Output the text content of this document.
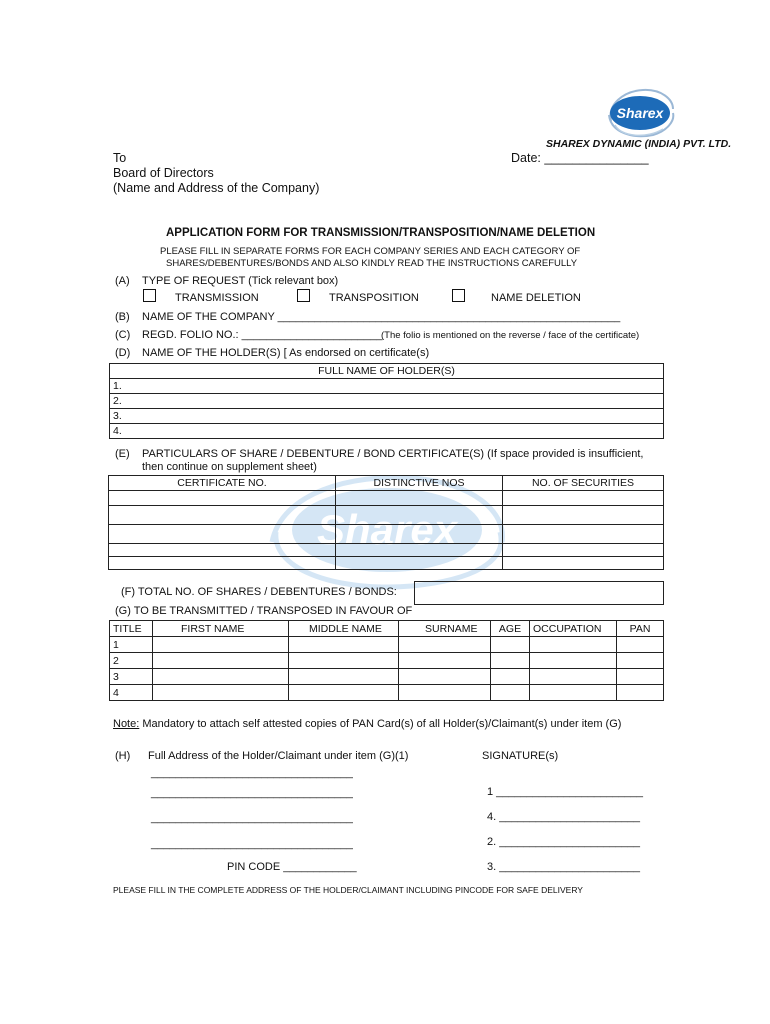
Sharex
SHAREX DYNAMIC (INDIA) PVT. LTD.
To
Board of Directors
(Name and Address of the Company)
Date: _______________
APPLICATION FORM FOR TRANSMISSION/TRANSPOSITION/NAME DELETION
PLEASE FILL IN SEPARATE FORMS FOR EACH COMPANY SERIES AND EACH CATEGORY OF
SHARES/DEBENTURES/BONDS AND ALSO KINDLY READ THE INSTRUCTIONS CAREFULLY
(A) TYPE OF REQUEST (Tick relevant box)
TRANSMISSION	TRANSPOSITION	NAME DELETION
(B) NAME OF THE COMPANY ________________________________________________________
(C) REGD. FOLIO NO.: _______________________
(The folio is mentioned on the reverse / face of the certificate)
(D) NAME OF THE HOLDER(S) [ As endorsed on certificate(s)
FULL NAME OF HOLDER(S)
1.
2.
3.
4.
(E) PARTICULARS OF SHARE / DEBENTURE / BOND CERTIFICATE(S) (If space provided is insufficient,
then continue on supplement sheet)
Sharex
CERTIFICATE NO.	DISTINCTIVE NOS	NO. OF SECURITIES

(F) TOTAL NO. OF SHARES / DEBENTURES / BONDS:
(G) TO BE TRANSMITTED / TRANSPOSED IN FAVOUR OF
TITLE	FIRST NAME	MIDDLE NAME	SURNAME	AGE	OCCUPATION	PAN
1						
2						
3						
4						
Note: Mandatory to attach self attested copies of PAN Card(s) of all Holder(s)/Claimant(s) under item (G)
(H) Full Address of the Holder/Claimant under item (G)(1)	SIGNATURE(s)
_________________________________
_________________________________
_________________________________
_________________________________
PIN CODE ____________
1 ________________________
4. _______________________
2. _______________________
3. _______________________
PLEASE FILL IN THE COMPLETE ADDRESS OF THE HOLDER/CLAIMANT INCLUDING PINCODE FOR SAFE DELIVERY
